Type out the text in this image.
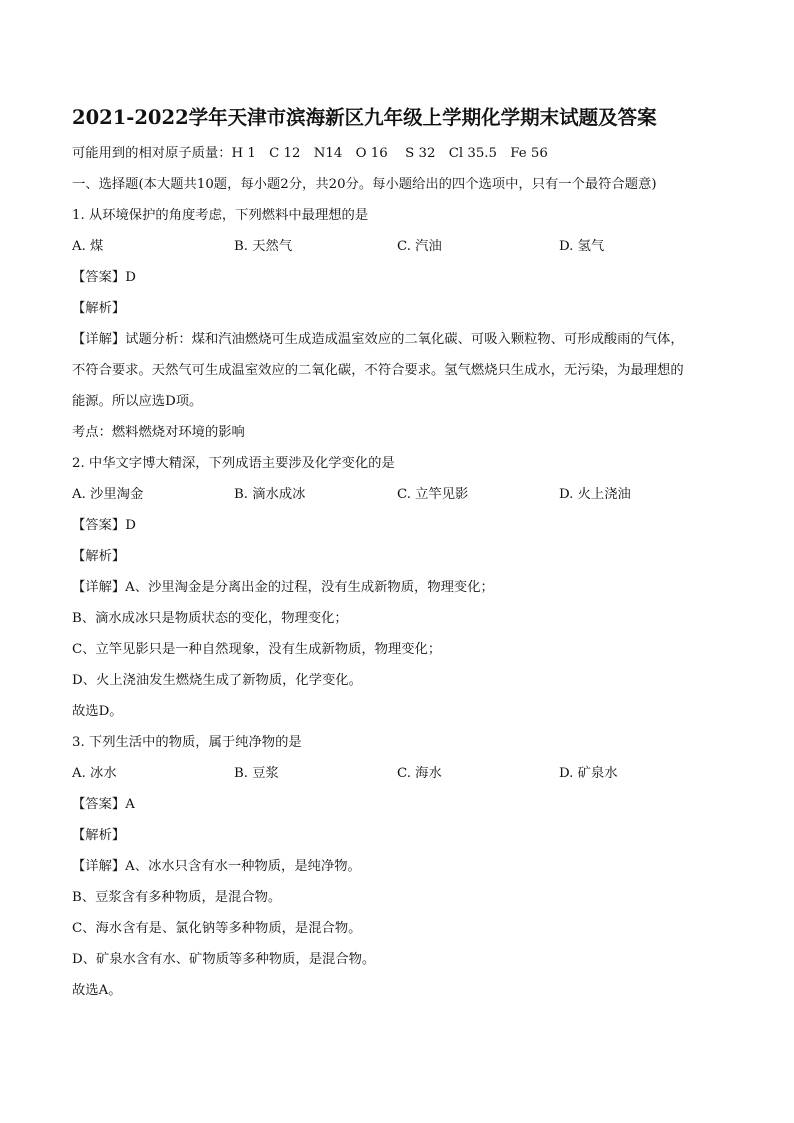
2021-2022学年天津市滨海新区九年级上学期化学期末试题及答案
可能用到的相对原子质量：H 1　C 12　N14　O 16　 S 32　Cl 35.5　Fe 56
一、选择题(本大题共10题，每小题2分，共20分。每小题给出的四个选项中，只有一个最符合题意)
1. 从环境保护的角度考虑，下列燃料中最理想的是
A. 煤	B. 天然气	C. 汽油	D. 氢气
【答案】D
【解析】
【详解】试题分析：煤和汽油燃烧可生成造成温室效应的二氧化碳、可吸入颗粒物、可形成酸雨的气体，
不符合要求。天然气可生成温室效应的二氧化碳，不符合要求。氢气燃烧只生成水，无污染，为最理想的
能源。所以应选D项。
考点：燃料燃烧对环境的影响
2. 中华文字博大精深，下列成语主要涉及化学变化的是
A. 沙里淘金	B. 滴水成冰	C. 立竿见影	D. 火上浇油
【答案】D
【解析】
【详解】A、沙里淘金是分离出金的过程，没有生成新物质，物理变化；
B、滴水成冰只是物质状态的变化，物理变化；
C、立竿见影只是一种自然现象，没有生成新物质，物理变化；
D、火上浇油发生燃烧生成了新物质，化学变化。
故选D。
3. 下列生活中的物质，属于纯净物的是
A. 冰水	B. 豆浆	C. 海水	D. 矿泉水
【答案】A
【解析】
【详解】A、冰水只含有水一种物质，是纯净物。
B、豆浆含有多种物质，是混合物。
C、海水含有是、氯化钠等多种物质，是混合物。
D、矿泉水含有水、矿物质等多种物质，是混合物。
故选A。
